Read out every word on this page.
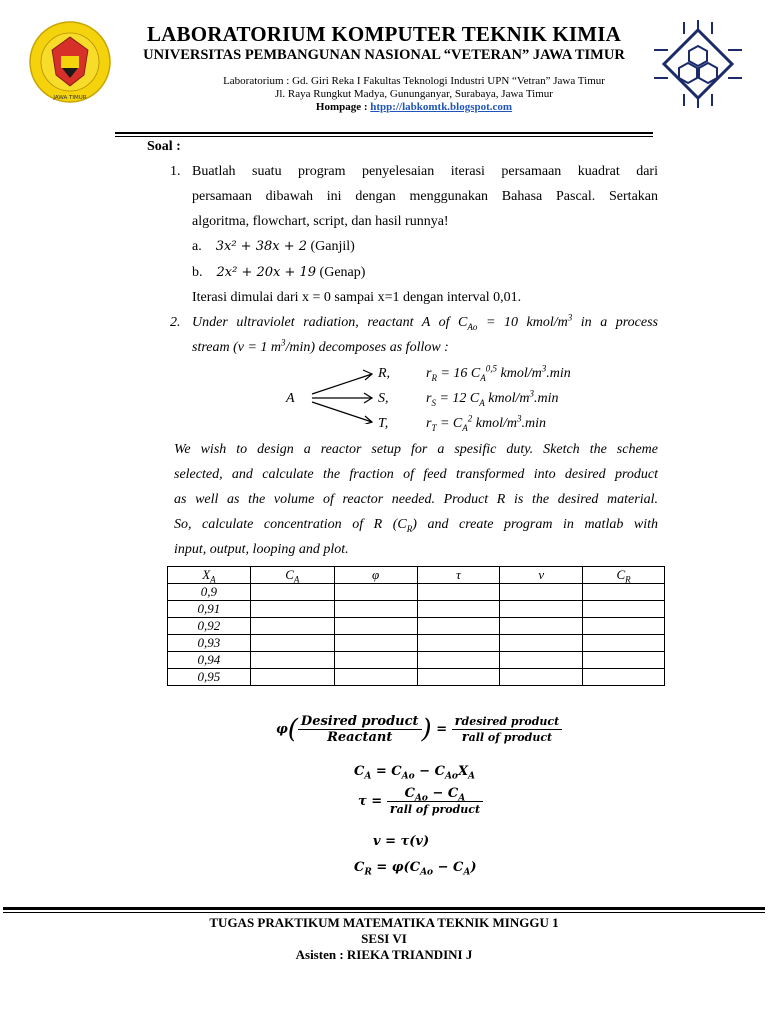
JAWA TIMUR
LABORATORIUM KOMPUTER TEKNIK KIMIA
UNIVERSITAS PEMBANGUNAN NASIONAL “VETERAN” JAWA TIMUR
Laboratorium : Gd. Giri Reka I Fakultas Teknologi Industri UPN “Vetran” Jawa Timur
Jl. Raya Rungkut Madya, Gununganyar, Surabaya, Jawa Timur
Hompage : htpp://labkomtk.blogspot.com
Soal :
1. Buatlah suatu program penyelesaian iterasi persamaan kuadrat dari
persamaan dibawah ini dengan menggunakan Bahasa Pascal. Sertakan
algoritma, flowchart, script, dan hasil runnya!
a. 3x² + 38x + 2 (Ganjil)
b. 2x² + 20x + 19 (Genap)
Iterasi dimulai dari x = 0 sampai x=1 dengan interval 0,01.
2. Under ultraviolet radiation, reactant A of $C_{Ao} = 10$ kmol/$m^3$ in a process
stream (v = 1 $m^3/\min$) decomposes as follow :
A
R,
S,
T,
$r_R = 16$ $C_A^{0,5}$ kmol/$m^3.\min$
$r_S = 12$ $C_A$ kmol/$m^3.\min$
$r_T = C_A^2$ kmol/$m^3.\min$
We wish to design a reactor setup for a spesific duty. Sketch the scheme
selected, and calculate the fraction of feed transformed into desired product
as well as the volume of reactor needed. Product R is the desired material.
So, calculate concentration of R $(C_R)$ and create program in matlab with
input, output, looping and plot.
$X_A$	$C_A$	φ	τ	v	$C_R$
0,9					
0,91					
0,92					
0,93					
0,94					
0,95					
$\varphi( \frac{\text{Desired product}}{\text{Reactant}}$ ) = $\frac{\text{rdesired product}}{\text{rall of product}}$
$C_A = C_{Ao} - C_{Ao}X_A$
$\tau = \frac{C_{Ao} - C_A}{\text{rall of product}}$
v = τ(v)
$C_R = \varphi(C_{Ao} - C_A)$
TUGAS PRAKTIKUM MATEMATIKA TEKNIK MINGGU 1
SESI VI
Asisten : RIEKA TRIANDINI J
